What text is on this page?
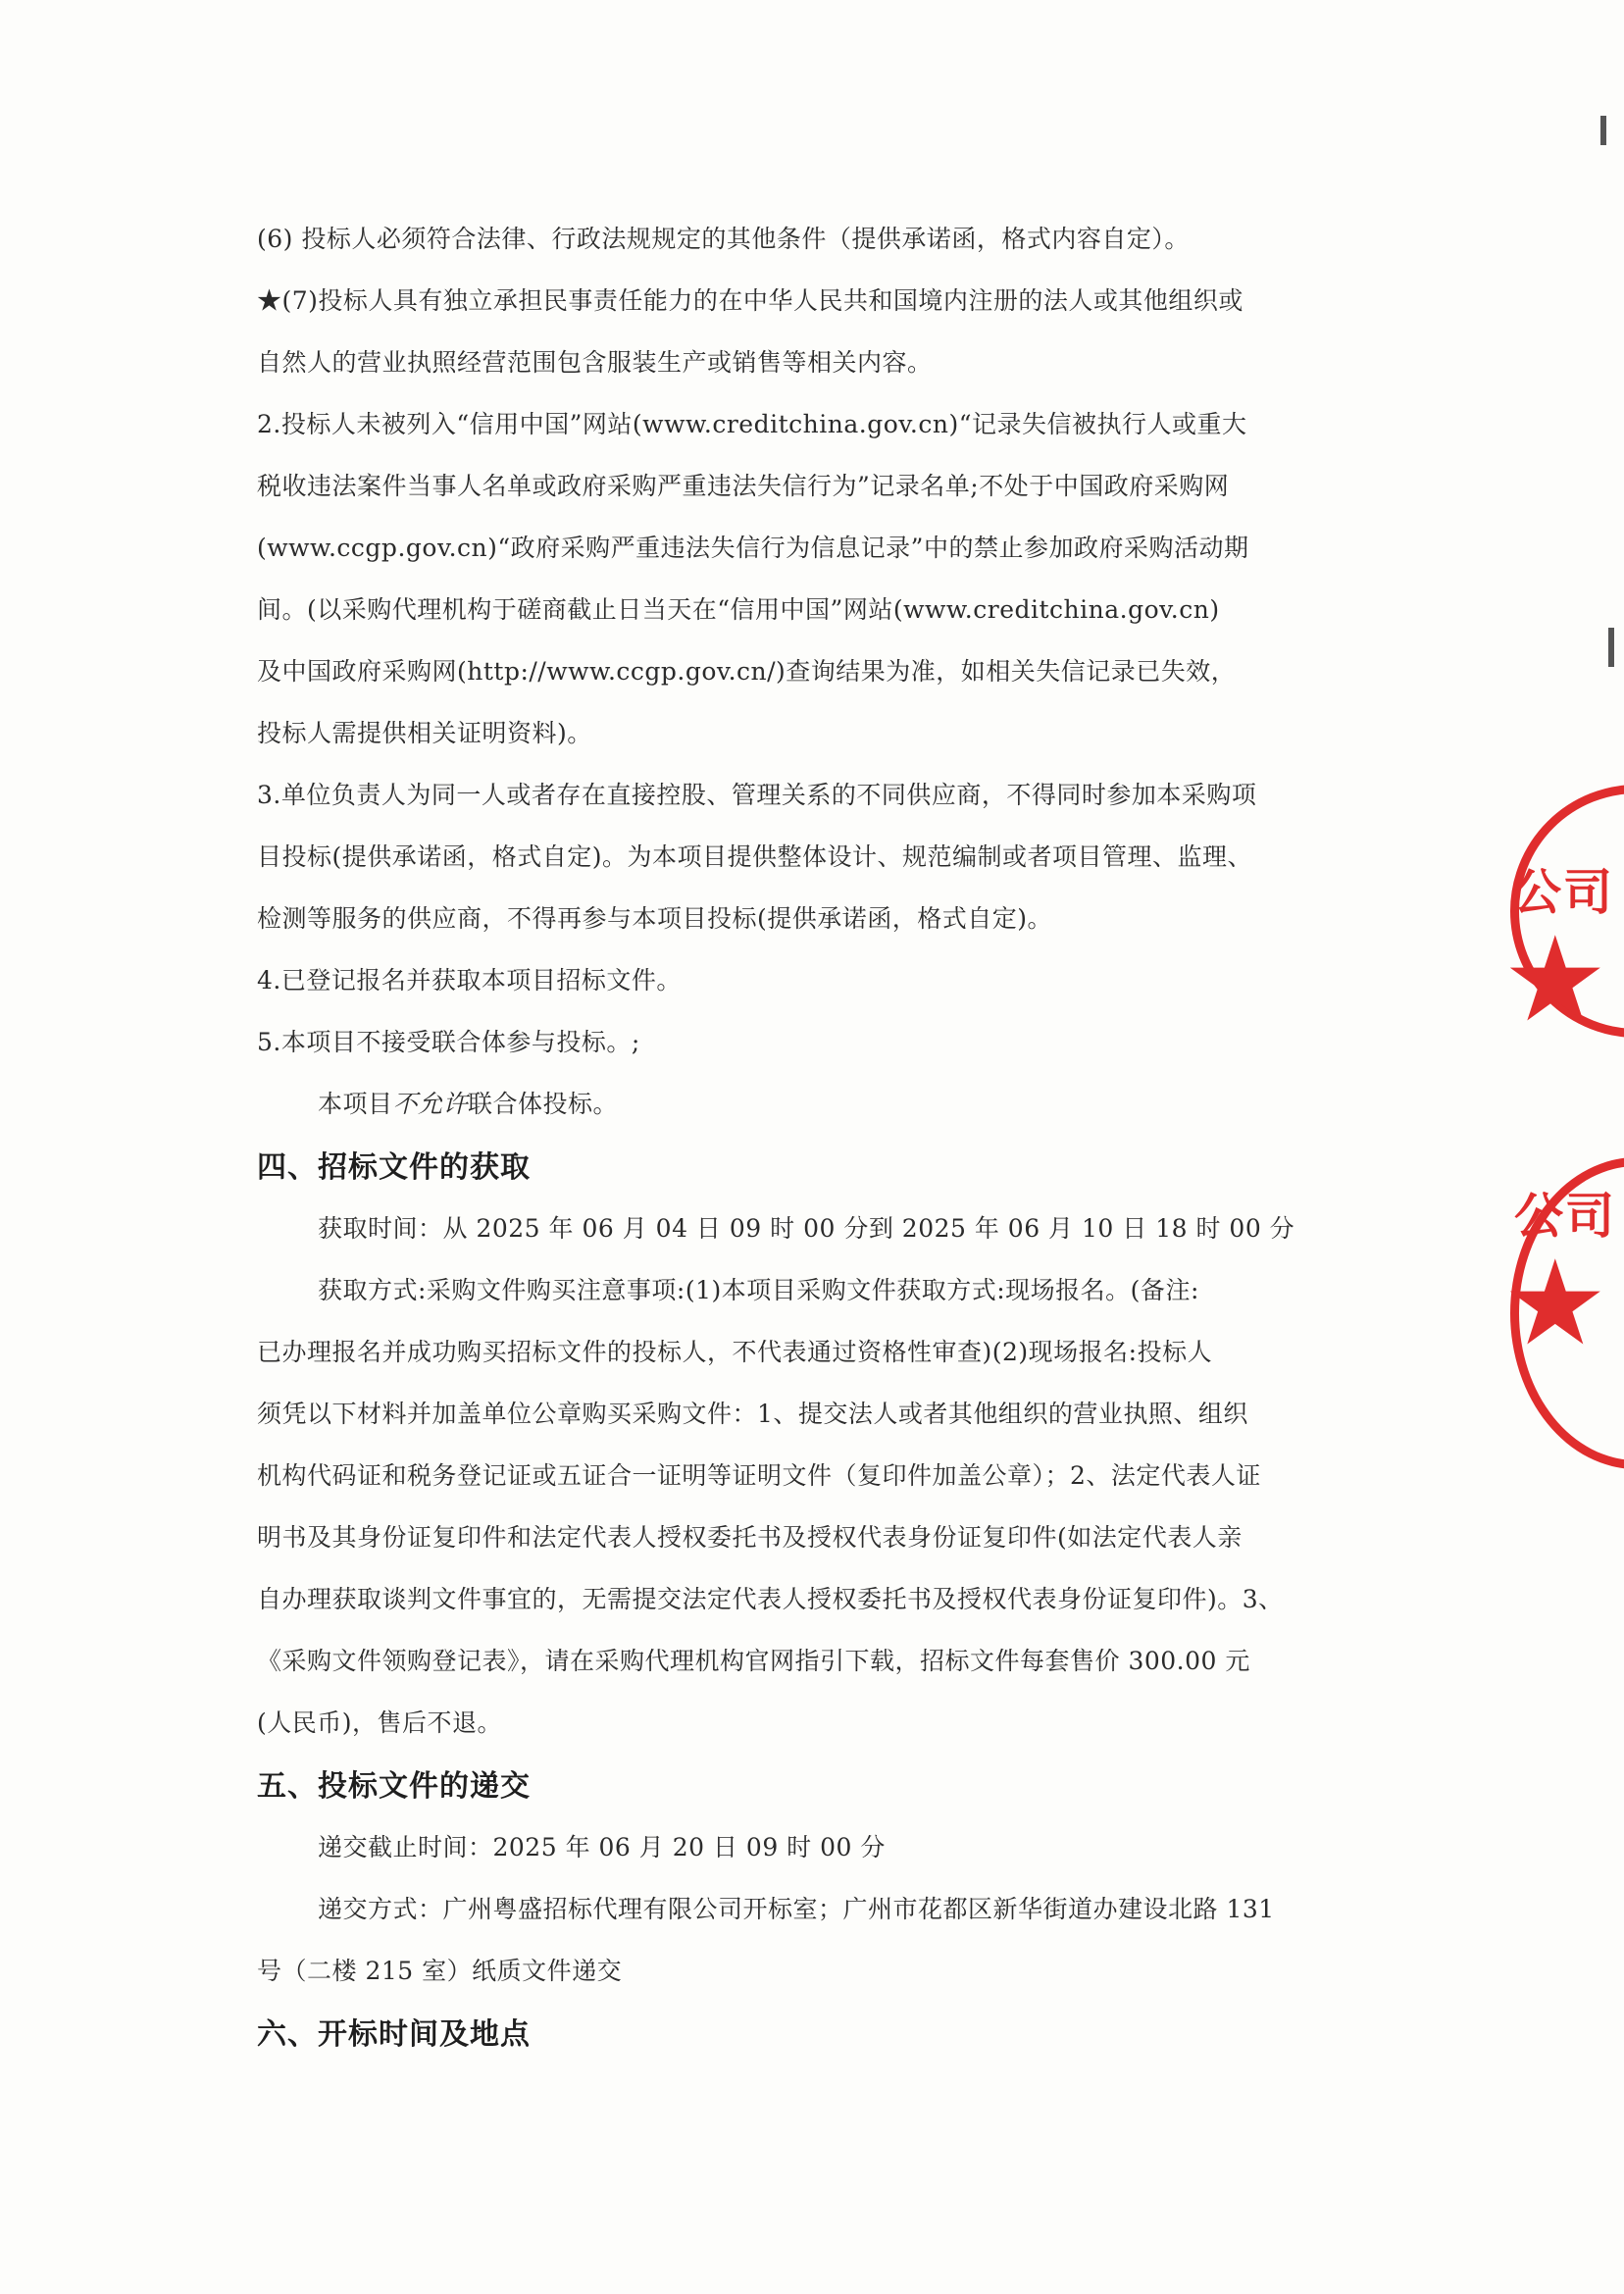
(6) 投标人必须符合法律、行政法规规定的其他条件（提供承诺函，格式内容自定）。
★(7)投标人具有独立承担民事责任能力的在中华人民共和国境内注册的法人或其他组织或
自然人的营业执照经营范围包含服装生产或销售等相关内容。
2.投标人未被列入“信用中国”网站(www.creditchina.gov.cn)“记录失信被执行人或重大
税收违法案件当事人名单或政府采购严重违法失信行为”记录名单;不处于中国政府采购网
(www.ccgp.gov.cn)“政府采购严重违法失信行为信息记录”中的禁止参加政府采购活动期
间。(以采购代理机构于磋商截止日当天在“信用中国”网站(www.creditchina.gov.cn)
及中国政府采购网(http://www.ccgp.gov.cn/)查询结果为准，如相关失信记录已失效，
投标人需提供相关证明资料)。
3.单位负责人为同一人或者存在直接控股、管理关系的不同供应商，不得同时参加本采购项
目投标(提供承诺函，格式自定)。为本项目提供整体设计、规范编制或者项目管理、监理、
检测等服务的供应商，不得再参与本项目投标(提供承诺函，格式自定)。
4.已登记报名并获取本项目招标文件。
5.本项目不接受联合体参与投标。;
本项目不允许联合体投标。
四、招标文件的获取
获取时间：从 2025 年 06 月 04 日 09 时 00 分到 2025 年 06 月 10 日 18 时 00 分
获取方式:采购文件购买注意事项:(1)本项目采购文件获取方式:现场报名。(备注:
已办理报名并成功购买招标文件的投标人，不代表通过资格性审查)(2)现场报名:投标人
须凭以下材料并加盖单位公章购买采购文件：1、提交法人或者其他组织的营业执照、组织
机构代码证和税务登记证或五证合一证明等证明文件（复印件加盖公章）；2、法定代表人证
明书及其身份证复印件和法定代表人授权委托书及授权代表身份证复印件(如法定代表人亲
自办理获取谈判文件事宜的，无需提交法定代表人授权委托书及授权代表身份证复印件)。3、
《采购文件领购登记表》，请在采购代理机构官网指引下载，招标文件每套售价 300.00 元
(人民币)，售后不退。
五、投标文件的递交
递交截止时间：2025 年 06 月 20 日 09 时 00 分
递交方式：广州粤盛招标代理有限公司开标室；广州市花都区新华街道办建设北路 131
号（二楼 215 室）纸质文件递交
六、开标时间及地点
公司
★
公司
★
